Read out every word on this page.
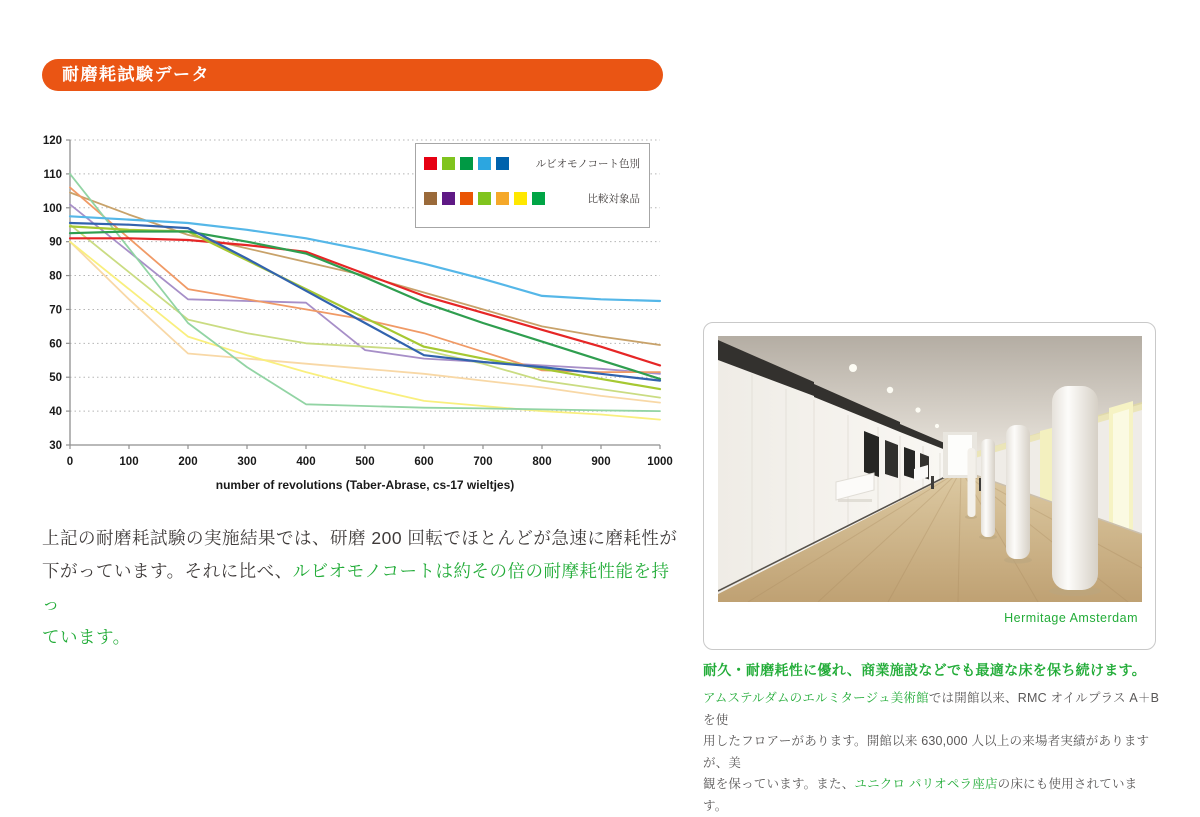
耐磨耗試験データ
30
40
50
60
70
80
90
100
110
120
0	100	200	300	400	500	600	700	800	900	1000
number of revolutions (Taber-Abrase, cs-17 wieltjes)
ルビオモノコート色別
比較対象品
上記の耐磨耗試験の実施結果では、研磨 200 回転でほとんどが急速に磨耗性が
下がっています。それに比べ、ルビオモノコートは約その倍の耐摩耗性能を持っ
ています。
Hermitage Amsterdam

耐久・耐磨耗性に優れ、商業施設などでも最適な床を保ち続けます。

アムステルダムのエルミタージュ美術館では開館以来、RMC オイルプラス A＋B を使
用したフロアーがあります。開館以来 630,000 人以上の来場者実績がありますが、美
観を保っています。また、ユニクロ パリオペラ座店の床にも使用されています。
